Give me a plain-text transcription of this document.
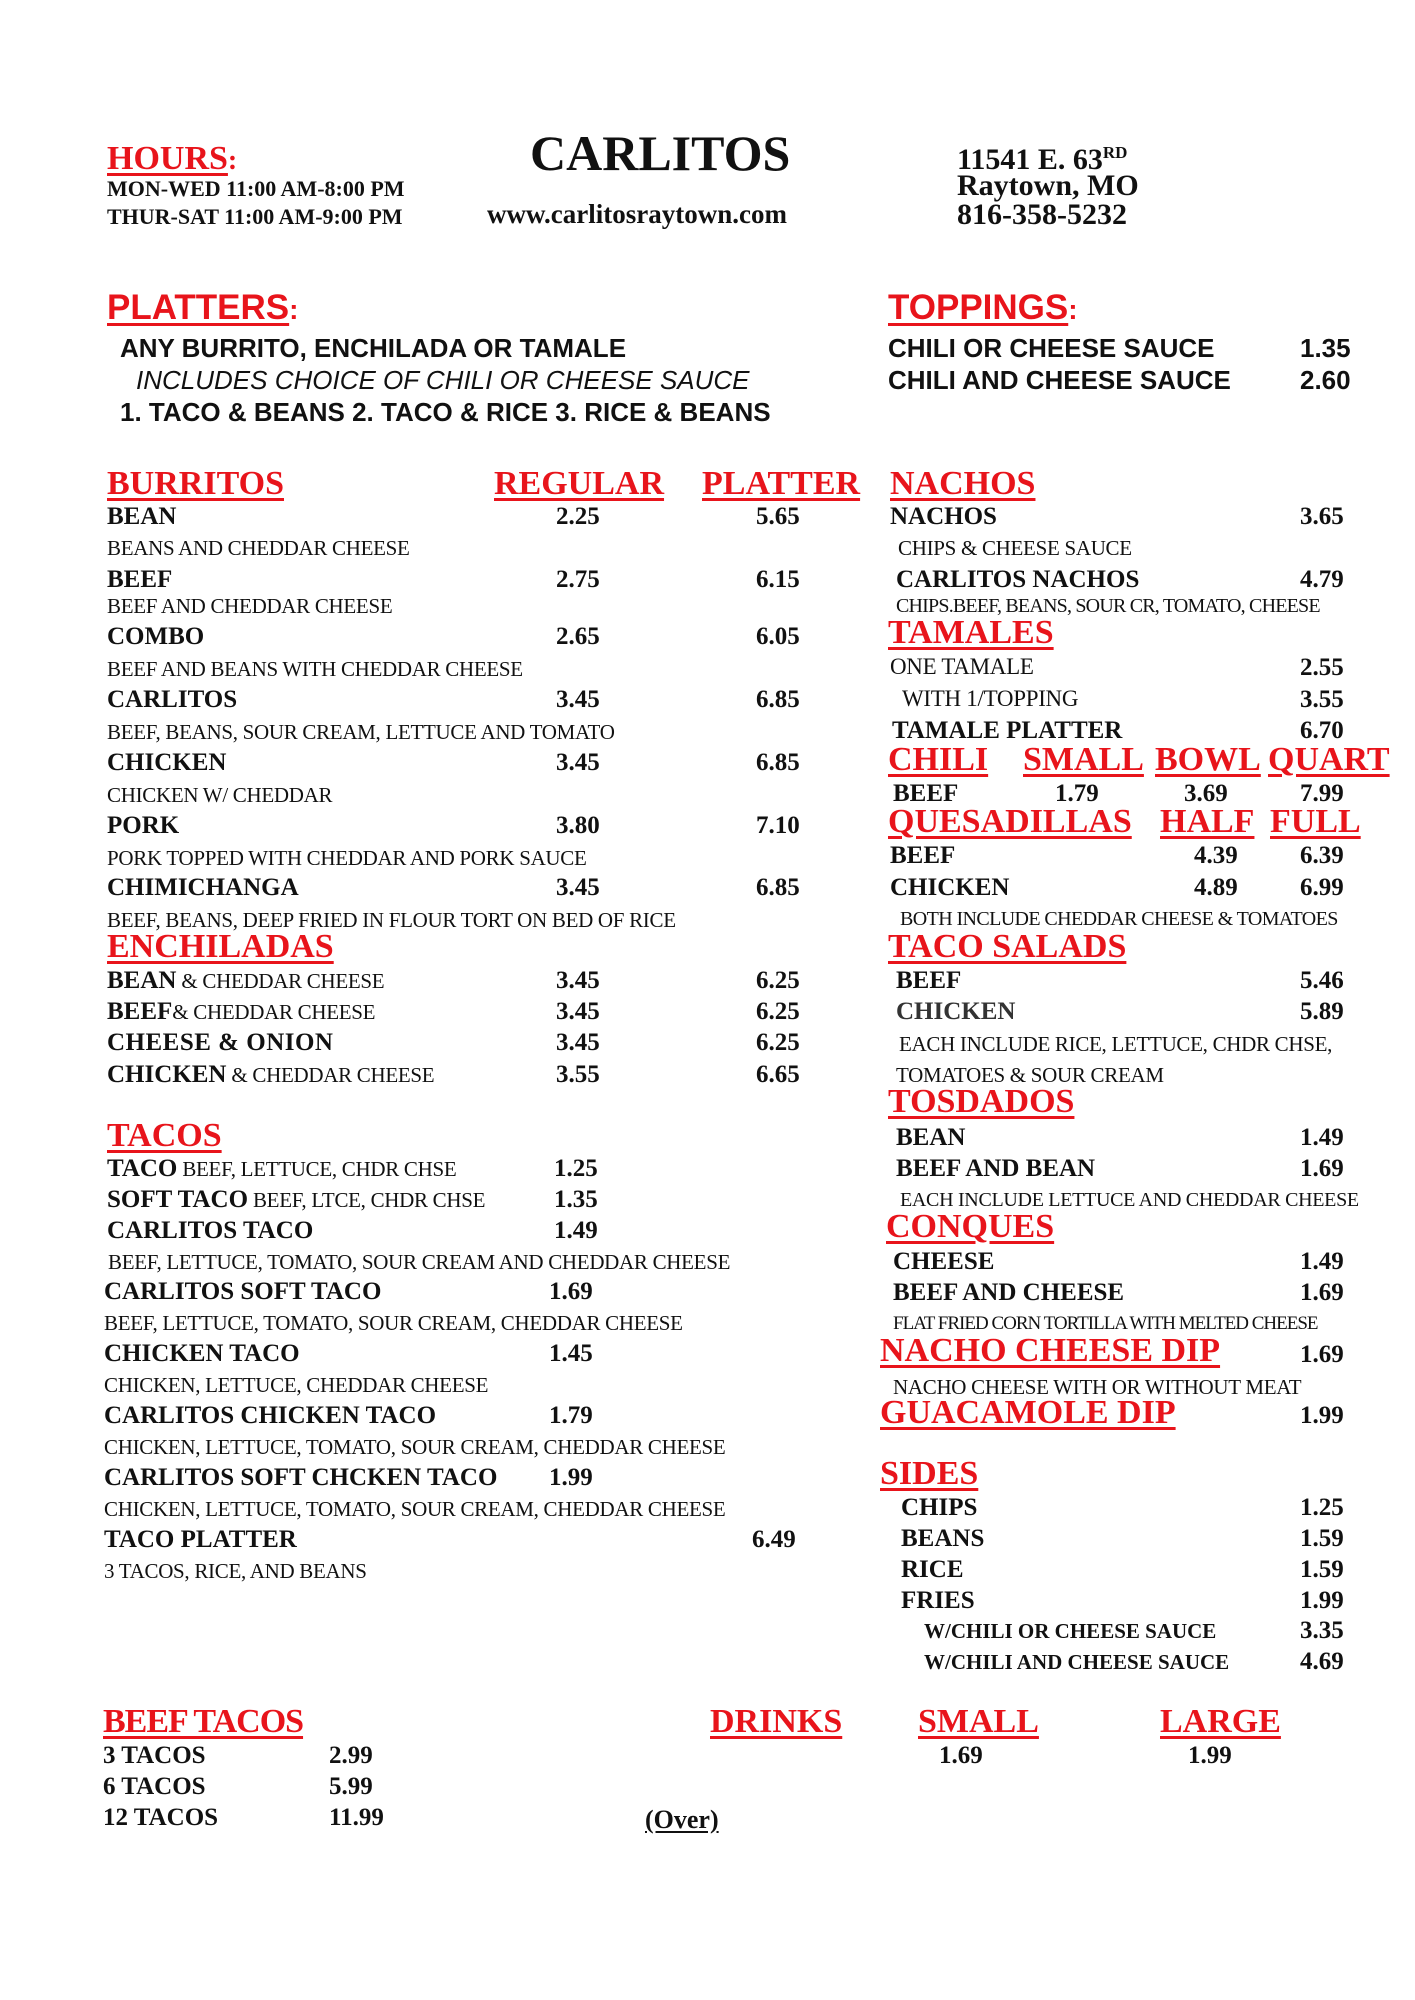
HOURS:
MON-WED 11:00 AM-8:00 PM
THUR-SAT 11:00 AM-9:00 PM
CARLITOS
www.carlitosraytown.com
11541 E. 63RD
Raytown, MO
816-358-5232
PLATTERS:
ANY BURRITO, ENCHILADA OR TAMALE
INCLUDES CHOICE OF CHILI OR CHEESE SAUCE
1. TACO & BEANS 2. TACO & RICE 3. RICE & BEANS
TOPPINGS:
CHILI OR CHEESE SAUCE	1.35
CHILI AND CHEESE SAUCE	2.60
BURRITOS	REGULAR PLATTER
BEAN	2.25	5.65
BEANS AND CHEDDAR CHEESE
BEEF	2.75	6.15
BEEF AND CHEDDAR CHEESE
COMBO	2.65	6.05
BEEF AND BEANS WITH CHEDDAR CHEESE
CARLITOS	3.45	6.85
BEEF, BEANS, SOUR CREAM, LETTUCE AND TOMATO
CHICKEN	3.45	6.85
CHICKEN W/ CHEDDAR
PORK	3.80	7.10
PORK TOPPED WITH CHEDDAR AND PORK SAUCE
CHIMICHANGA	3.45	6.85
BEEF, BEANS, DEEP FRIED IN FLOUR TORT ON BED OF RICE
ENCHILADAS
BEAN & CHEDDAR CHEESE	3.45	6.25
BEEF& CHEDDAR CHEESE	3.45	6.25
CHEESE & ONION	3.45	6.25
CHICKEN & CHEDDAR CHEESE	3.55	6.65
TACOS
TACO BEEF, LETTUCE, CHDR CHSE	1.25
SOFT TACO BEEF, LTCE, CHDR CHSE	1.35
CARLITOS TACO	1.49
BEEF, LETTUCE, TOMATO, SOUR CREAM AND CHEDDAR CHEESE
CARLITOS SOFT TACO	1.69
BEEF, LETTUCE, TOMATO, SOUR CREAM, CHEDDAR CHEESE
CHICKEN TACO	1.45
CHICKEN, LETTUCE, CHEDDAR CHEESE
CARLITOS CHICKEN TACO	1.79
CHICKEN, LETTUCE, TOMATO, SOUR CREAM, CHEDDAR CHEESE
CARLITOS SOFT CHCKEN TACO 1.99
CHICKEN, LETTUCE, TOMATO, SOUR CREAM, CHEDDAR CHEESE
TACO PLATTER	6.49
3 TACOS, RICE, AND BEANS
NACHOS
NACHOS	3.65
CHIPS & CHEESE SAUCE
CARLITOS NACHOS	4.79
CHIPS.BEEF, BEANS, SOUR CR, TOMATO, CHEESE
TAMALES
ONE TAMALE	2.55
WITH 1/TOPPING	3.55
TAMALE PLATTER	6.70
CHILI SMALL BOWL QUART
BEEF	1.79	3.69	7.99
QUESADILLAS HALF FULL
BEEF	4.39 6.39
CHICKEN	4.89 6.99
BOTH INCLUDE CHEDDAR CHEESE & TOMATOES
TACO SALADS
BEEF	5.46
CHICKEN	5.89
EACH INCLUDE RICE, LETTUCE, CHDR CHSE,
TOMATOES & SOUR CREAM
TOSDADOS
BEAN	1.49
BEEF AND BEAN	1.69
EACH INCLUDE LETTUCE AND CHEDDAR CHEESE
CONQUES
CHEESE	1.49
BEEF AND CHEESE	1.69
FLAT FRIED CORN TORTILLA WITH MELTED CHEESE
NACHO CHEESE DIP	1.69
NACHO CHEESE WITH OR WITHOUT MEAT
GUACAMOLE DIP	1.99
SIDES
CHIPS	1.25
BEANS	1.59
RICE	1.59
FRIES	1.99
W/CHILI OR CHEESE SAUCE	3.35
W/CHILI AND CHEESE SAUCE	4.69
BEEF TACOS
3 TACOS	2.99
6 TACOS	5.99
12 TACOS	11.99
DRINKS SMALL	LARGE
1.69	1.99
(Over)
